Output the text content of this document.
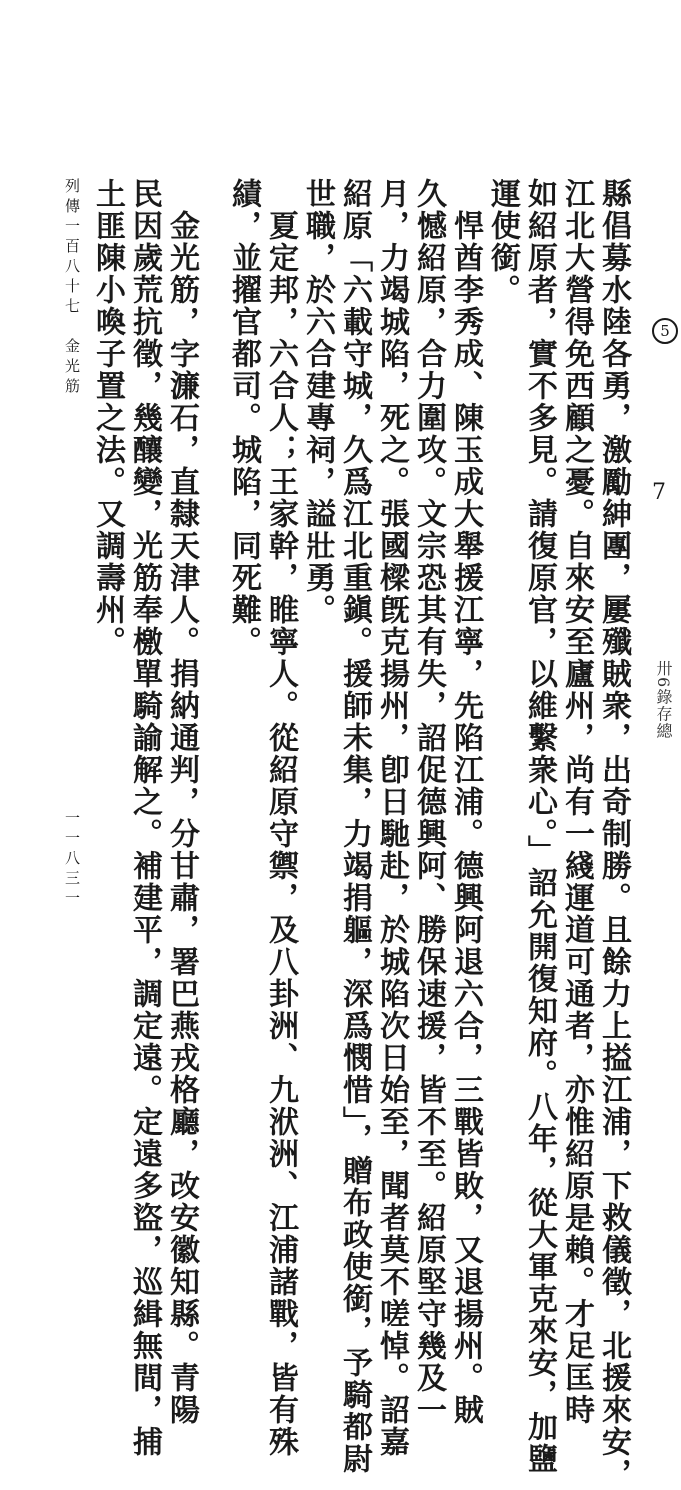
5
7
卅6錄存總
縣倡募水陸各勇，激勵紳團，屢殲賊衆，出奇制勝。且餘力上搤江浦，下救儀徵，北援來安，
江北大營得免西顧之憂。自來安至廬州，尚有一綫運道可通者，亦惟紹原是賴。才足匡時
如紹原者，實不多見。請復原官，以維繫衆心。」詔允開復知府。八年，從大軍克來安，加鹽
運使銜。
悍酋李秀成、陳玉成大舉援江寧，先陷江浦。德興阿退六合，三戰皆敗，又退揚州。賊
久憾紹原，合力圍攻。文宗恐其有失，詔促德興阿、勝保速援，皆不至。紹原堅守幾及一
月，力竭城陷，死之。張國樑旣克揚州，卽日馳赴，於城陷次日始至，聞者莫不嗟悼。詔嘉
紹原「六載守城，久爲江北重鎭。援師未集，力竭捐軀，深爲憫惜」，贈布政使銜，予騎都尉
世職，於六合建專祠，謚壯勇。
夏定邦，六合人；王家幹，睢寧人。從紹原守禦，及八卦洲、九洑洲、江浦諸戰，皆有殊
績，並擢官都司。城陷，同死難。
金光筋，字濂石，直隸天津人。捐納通判，分甘肅，署巴燕戎格廳，改安徽知縣。青陽
民因歲荒抗徵，幾釀變，光筋奉檄單騎諭解之。補建平，調定遠。定遠多盜，巡緝無間，捕
土匪陳小喚子置之法。又調壽州。
列傳一百八十七　金光筋
一一八三一
